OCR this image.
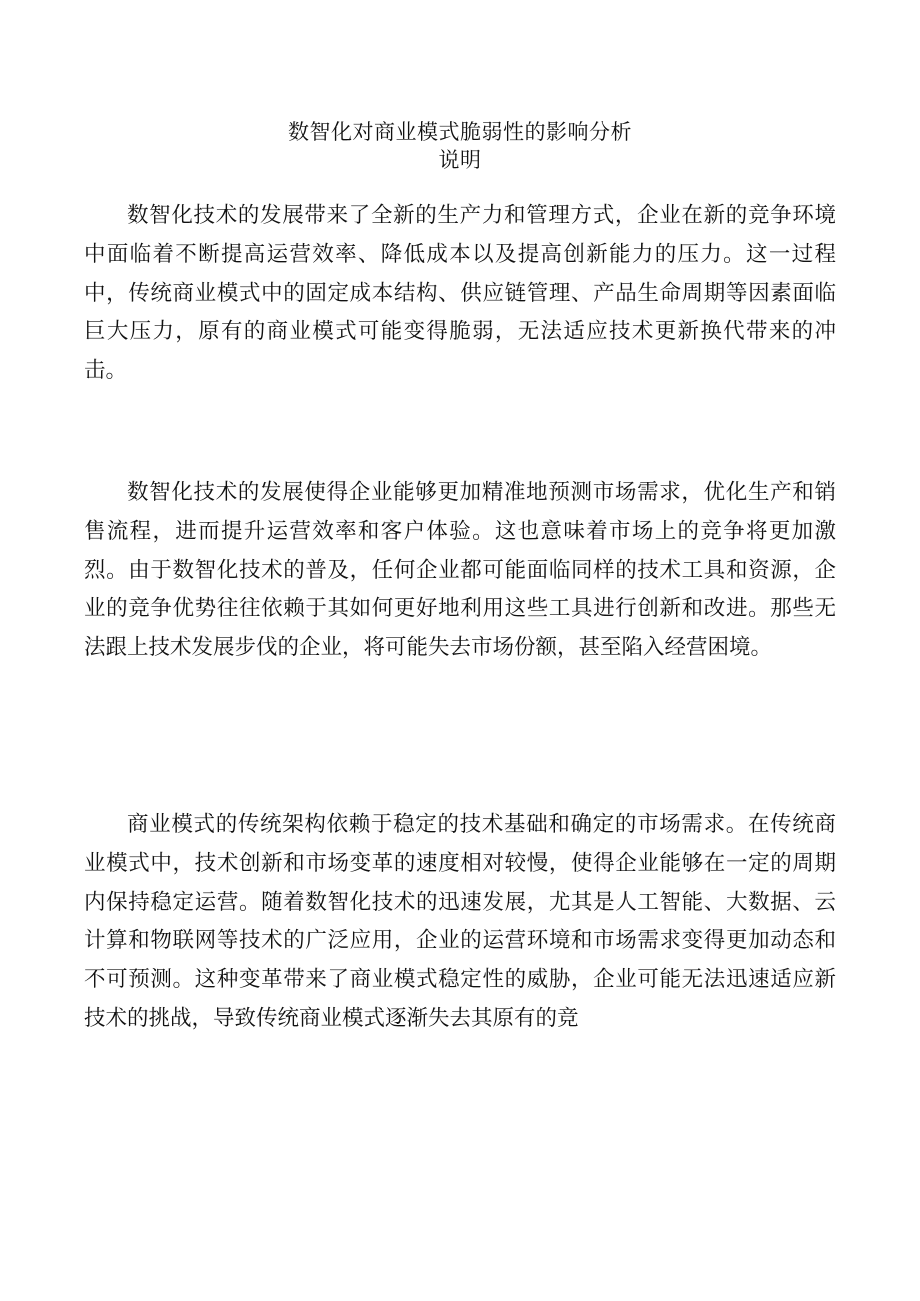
数智化对商业模式脆弱性的影响分析
说明

数智化技术的发展带来了全新的生产力和管理方式，企业在新的竞争环境中面临着不断提高运营效率、降低成本以及提高创新能力的压力。这一过程中，传统商业模式中的固定成本结构、供应链管理、产品生命周期等因素面临巨大压力，原有的商业模式可能变得脆弱，无法适应技术更新换代带来的冲击。

数智化技术的发展使得企业能够更加精准地预测市场需求，优化生产和销售流程，进而提升运营效率和客户体验。这也意味着市场上的竞争将更加激烈。由于数智化技术的普及，任何企业都可能面临同样的技术工具和资源，企业的竞争优势往往依赖于其如何更好地利用这些工具进行创新和改进。那些无法跟上技术发展步伐的企业，将可能失去市场份额，甚至陷入经营困境。

商业模式的传统架构依赖于稳定的技术基础和确定的市场需求。在传统商业模式中，技术创新和市场变革的速度相对较慢，使得企业能够在一定的周期内保持稳定运营。随着数智化技术的迅速发展，尤其是人工智能、大数据、云计算和物联网等技术的广泛应用，企业的运营环境和市场需求变得更加动态和不可预测。这种变革带来了商业模式稳定性的威胁，企业可能无法迅速适应新技术的挑战，导致传统商业模式逐渐失去其原有的竞
